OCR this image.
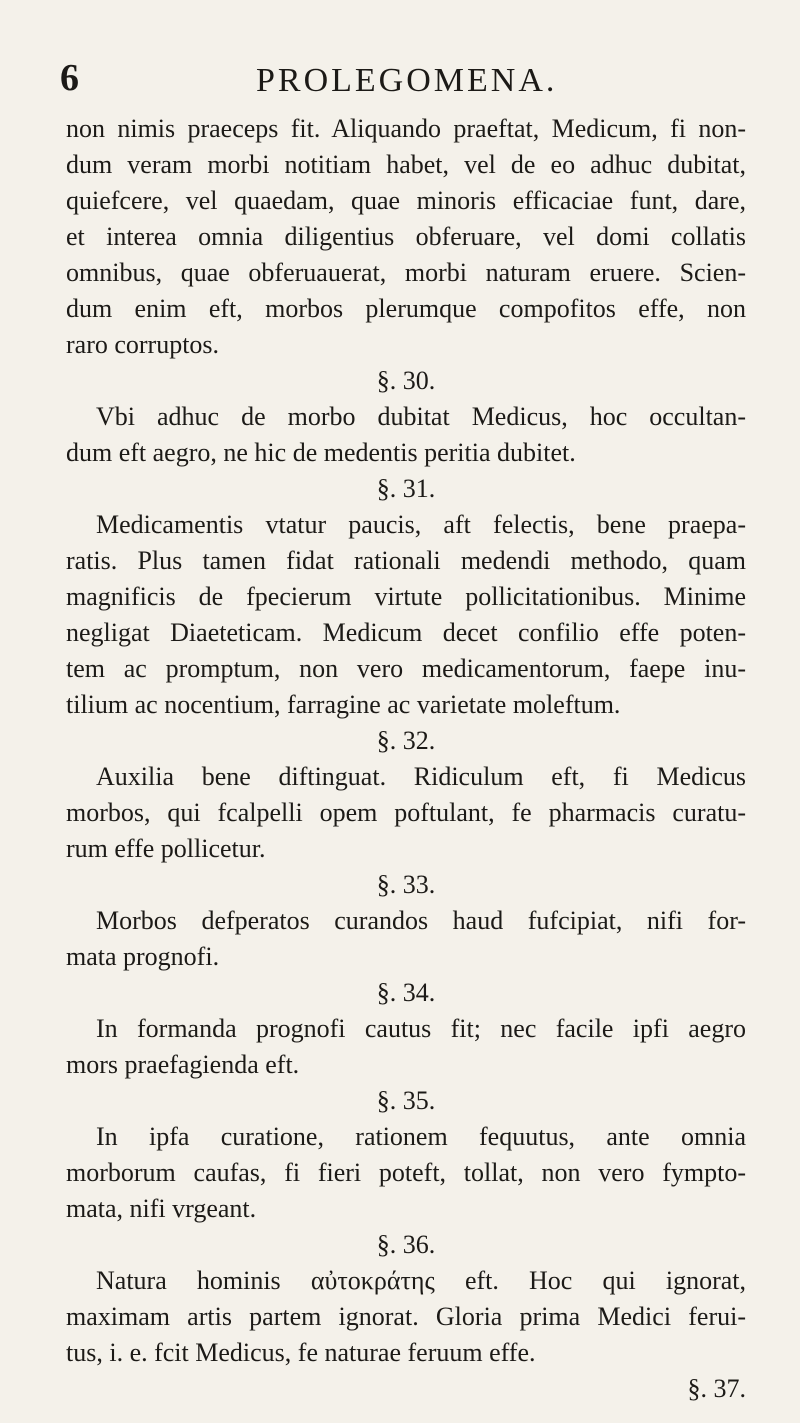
6	PROLEGOMENA.
non nimis praeceps fit. Aliquando praeftat, Medicum, fi non-
dum veram morbi notitiam habet, vel de eo adhuc dubitat,
quiefcere, vel quaedam, quae minoris efficaciae funt, dare,
et interea omnia diligentius obferuare, vel domi collatis
omnibus, quae obferuauerat, morbi naturam eruere. Scien-
dum enim eft, morbos plerumque compofitos effe, non
raro corruptos.
§. 30.
Vbi adhuc de morbo dubitat Medicus, hoc occultan-
dum eft aegro, ne hic de medentis peritia dubitet.
§. 31.
Medicamentis vtatur paucis, aft felectis, bene praepa-
ratis. Plus tamen fidat rationali medendi methodo, quam
magnificis de fpecierum virtute pollicitationibus. Minime
negligat Diaeteticam. Medicum decet confilio effe poten-
tem ac promptum, non vero medicamentorum, faepe inu-
tilium ac nocentium, farragine ac varietate moleftum.
§. 32.
Auxilia bene diftinguat. Ridiculum eft, fi Medicus
morbos, qui fcalpelli opem poftulant, fe pharmacis curatu-
rum effe pollicetur.
§. 33.
Morbos defperatos curandos haud fufcipiat, nifi for-
mata prognofi.
§. 34.
In formanda prognofi cautus fit; nec facile ipfi aegro
mors praefagienda eft.
§. 35.
In ipfa curatione, rationem fequutus, ante omnia
morborum caufas, fi fieri poteft, tollat, non vero fympto-
mata, nifi vrgeant.
§. 36.
Natura hominis αὐτοκράτης eft. Hoc qui ignorat,
maximam artis partem ignorat. Gloria prima Medici ferui-
tus, i. e. fcit Medicus, fe naturae feruum effe.
§. 37.
